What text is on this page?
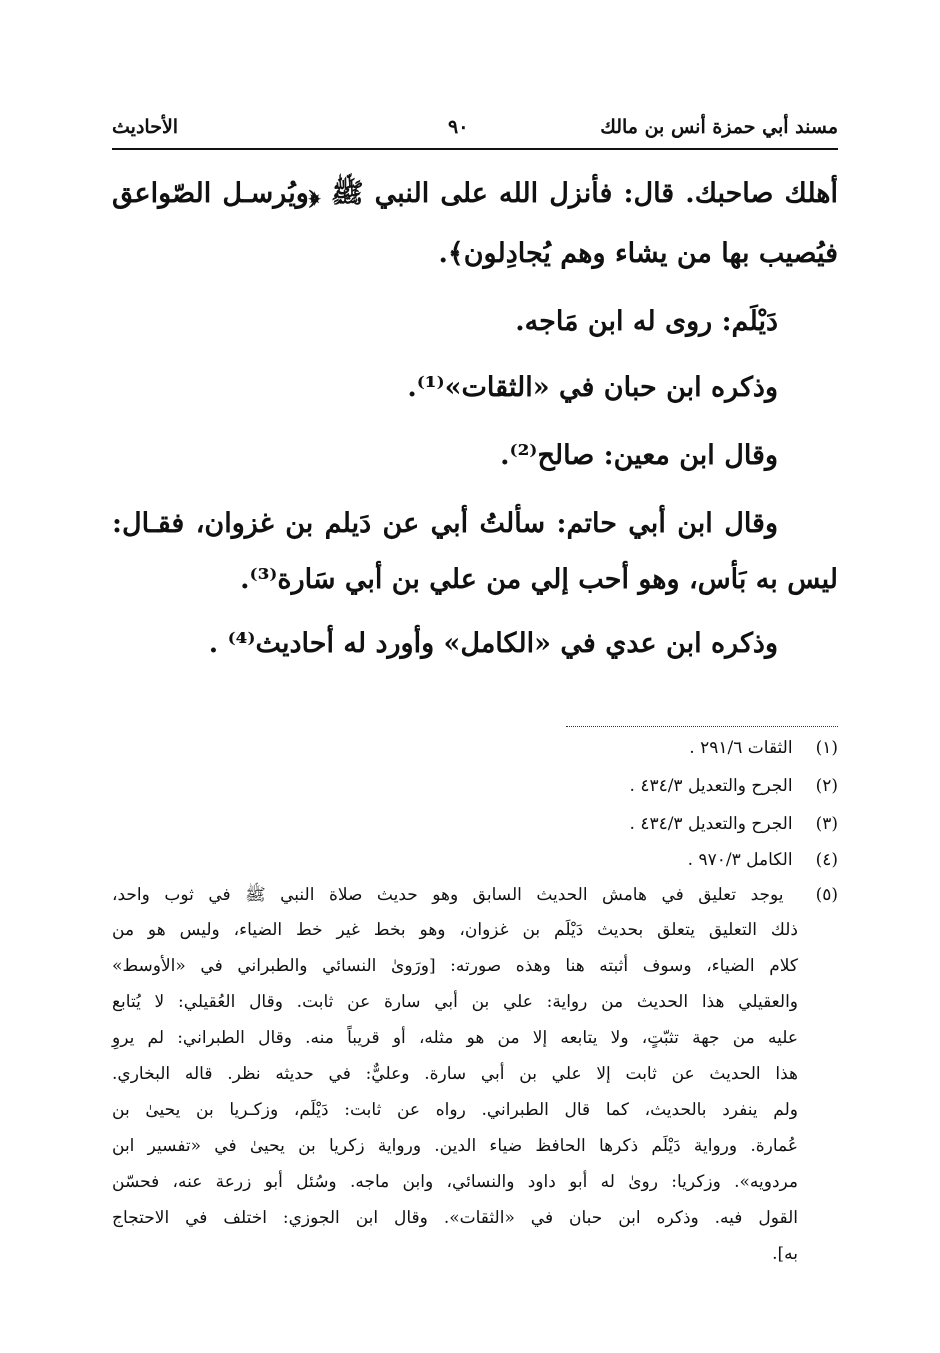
مسند أبي حمزة أنس بن مالك
٩٠
الأحاديث
أهلك صاحبك. قال: فأنزل الله على النبي ﷺ ﴿ويُرسـل الصّواعق
فيُصيب بها من يشاء وهم يُجادِلون﴾.
دَيْلَم: روى له ابن مَاجه.
وذكره ابن حبان في «الثقات»⁽¹⁾.
وقال ابن معين: صالح⁽²⁾.
وقال ابن أبي حاتم: سألتُ أبي عن دَيلم بن غزوان، فقـال:
ليس به بَأس، وهو أحب إلي من علي بن أبي سَارة⁽³⁾.
وذكره ابن عدي في «الكامل» وأورد له أحاديث⁽⁴⁾ .
(١) الثقات ٢٩١/٦ .
(٢) الجرح والتعديل ٤٣٤/٣ .
(٣) الجرح والتعديل ٤٣٤/٣ .
(٤) الكامل ٩٧٠/٣ .
(٥) يوجد تعليق في هامش الحديث السابق وهو حديث صلاة النبي ﷺ في ثوب واحد،
ذلك التعليق يتعلق بحديث دَيْلَم بن غزوان، وهو بخط غير خط الضياء، وليس هو من
كلام الضياء، وسوف أثبته هنا وهذه صورته: [ورَوىٰ النسائي والطبراني في «الأوسط»
والعقيلي هذا الحديث من رواية: علي بن أبي سارة عن ثابت. وقال العُقيلي: لا يُتابع
عليه من جهة تثبّتٍ، ولا يتابعه إلا من هو مثله، أو قريباً منه. وقال الطبراني: لم يروِ
هذا الحديث عن ثابت إلا علي بن أبي سارة. وعليٌّ: في حديثه نظر. قاله البخاري.
ولم ينفرد بالحديث، كما قال الطبراني. رواه عن ثابت: دَيْلَم، وزكـريا بن يحيىٰ بن
عُمارة. ورواية دَيْلَم ذكرها الحافظ ضياء الدين. ورواية زكريا بن يحيىٰ في «تفسير ابن
مردويه». وزكريا: روىٰ له أبو داود والنسائي، وابن ماجه. وسُئل أبو زرعة عنه، فحسّن
القول فيه. وذكره ابن حبان في «الثقات». وقال ابن الجوزي: اختلف في الاحتجاج
به].
